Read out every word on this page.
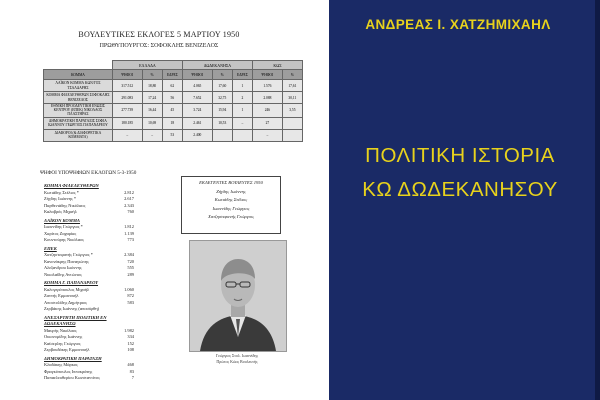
ΒΟΥΛΕΥΤΙΚΕΣ ΕΚΛΟΓΕΣ 5 ΜΑΡΤΙΟΥ 1950
ΠΡΩΘΥΠΟΥΡΓΟΣ: ΣΟΦΟΚΛΗΣ ΒΕΝΙΖΕΛΟΣ
	ΕΛΛΑΔΑ			ΔΩΔΕΚΑΝΗΣΑ			ΚΩΣ	
ΚΟΜΜΑ	ΨΗΦΟΙ	%	ΕΔΡΕΣ	ΨΗΦΟΙ	%	ΕΔΡΕΣ	ΨΗΦΟΙ	%
ΛΑΪΚΟΝ ΚΟΜΜΑ ΚΩΝ/ΓΟΣ ΤΣΑΛΔΑΡΗΣ	317.512	18,80	62	4.065	17,60	1	1.576	17,61
ΚΟΜΜΑ ΦΙΛΕΛΕΥΘΕΡΩΝ ΣΟΦΟΚΛΗΣ ΒΕΝΙΖΕΛΟΣ	291.083	17,24	56	7.652	32,75	2	2.088	30,11
ΕΘΝΙΚΗ ΠΡΟΟΔΕΥΤΙΚΗ ΕΝΩΣΙΣ ΚΕΝΤΡΟΥ (ΕΠΕΚ) ΝΙΚΟΛΑΟΣ ΠΛΑΣΤΗΡΑΣ	277.739	16,44	45	3.724	15,94	1	246	3,55
ΔΗΜΟΚΡΑΤΙΚΗ ΠΑΡΑΤΑΞΙΣ ΣΟΦΙΑ ΙΩΑΝΝΟΥ ΓΕΩΡΓΙΟΣ ΠΑΠΑΝΔΡΕΟΥ	180.185	10,69	18	2.461	10,53	–	27	
ΔΙΑΦΟΡΟΙ (& ΔΙΑΦΟΡΕΤΙΚΑ ΚΟΜΜΑΤΑ)	–	–	53	2.400			–	
ΨΗΦΟΙ ΥΠΟΨΗΦΙΩΝ ΕΚΛΟΓΩΝ 5-3-1950
ΚΟΜΜΑ ΦΙΛΕΛΕΥΘΕΡΩΝ
Κωτιάδης Στέλιος *	2.812
Ζήγδης Ιωάννης *	2.617
Παρθενιάδης Νικόλαος	2.343
Καλαβρός Μιχαήλ	760
ΛΑΪΚΟΝ ΚΟΜΜΑ
Ιωαννίδης Γεώργιος *	1.812
Χαρίτος Ζαχαρίας	1.139
Κουντούρης Νικόλαος	773
ΕΠΕΚ
Χατζηστεφανής Γεώργιος *	2.384
Κανονάκρης Παναγιώτης	720
Αλεξανδρου Ιωάννης	555
Νικολαΐδης Αντώνιος	289
ΚΟΜΜΑ Γ. ΠΑΠΑΝΔΡΕΟΥ
Καλογερόπουλος Μιχαήλ	1.060
Ζαννής Εμμανουήλ	872
Αποστολίδης Δημήτριος	583
Ζερβάκης Ιωάννης (αποσύρθη)
ΑΝΕΞΑΡΤΗΤΗ ΠΟΛΙΤΙΚΗ ΕΝ ΔΩΔΕΚΑΝΗΣΩ
Μαυρής Νικόλαος	1.982
Οικονομίδης Ιωάννης	334
Καϊσερλης Γεώργιος	152
Ζερβουδάκης Εμμανουήλ	108
ΔΗΜΟΚΡΑΤΙΚΗ ΠΑΡΑΤΑΞΗ
Κλαδάκης Μάρκος	468
Φραγκόπουλος Ιπποκράτης	83
Παπαελευθερίου Κωνσταντίνος	7
ΕΚΛΕΓΕΝΤΕΣ ΒΟΥΛΕΥΤΕΣ 1950
Ζήγδης Ιωάννης
Κωτιάδης Στέλιος
Ιωαννίδης Γεώργιος
Χατζηστεφανής Γεώργιος
Γεώργιος Στυλ. Ιωαννίδης
Πρώτος Κώος Βουλευτής
ΑΝΔΡΕΑΣ Ι. ΧΑΤΖΗΜΙΧΑΗΛ
ΠΟΛΙΤΙΚΗ ΙΣΤΟΡΙΑ
ΚΩ ΔΩΔΕΚΑΝΗΣΟΥ
